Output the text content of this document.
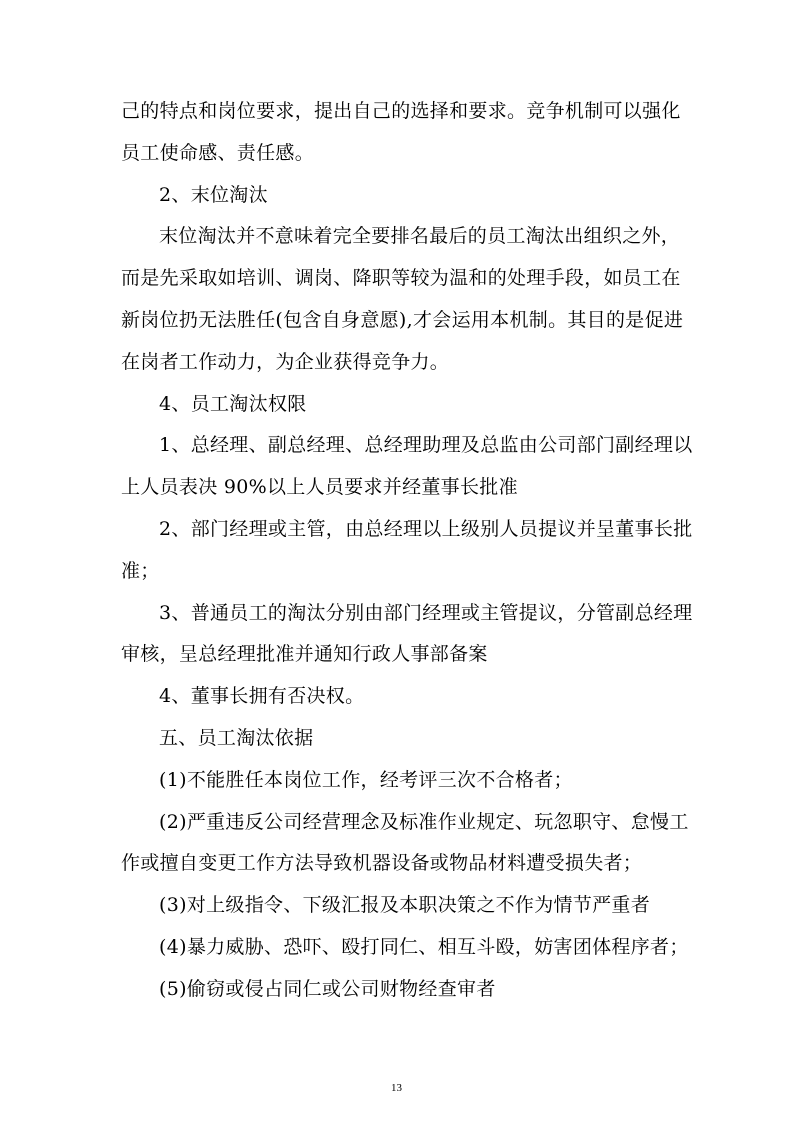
己的特点和岗位要求，提出自己的选择和要求。竞争机制可以强化
员工使命感、责任感。
2、末位淘汰
末位淘汰并不意味着完全要排名最后的员工淘汰出组织之外，
而是先采取如培训、调岗、降职等较为温和的处理手段，如员工在
新岗位扔无法胜任(包含自身意愿),才会运用本机制。其目的是促进
在岗者工作动力，为企业获得竞争力。
4、员工淘汰权限
1、总经理、副总经理、总经理助理及总监由公司部门副经理以
上人员表决 90%以上人员要求并经董事长批准
2、部门经理或主管，由总经理以上级别人员提议并呈董事长批
准；
3、普通员工的淘汰分别由部门经理或主管提议，分管副总经理
审核，呈总经理批准并通知行政人事部备案
4、董事长拥有否决权。
五、员工淘汰依据
(1)不能胜任本岗位工作，经考评三次不合格者；
(2)严重违反公司经营理念及标准作业规定、玩忽职守、怠慢工
作或擅自变更工作方法导致机器设备或物品材料遭受损失者；
(3)对上级指令、下级汇报及本职决策之不作为情节严重者
(4)暴力威胁、恐吓、殴打同仁、相互斗殴，妨害团体程序者；
(5)偷窃或侵占同仁或公司财物经查审者
13
